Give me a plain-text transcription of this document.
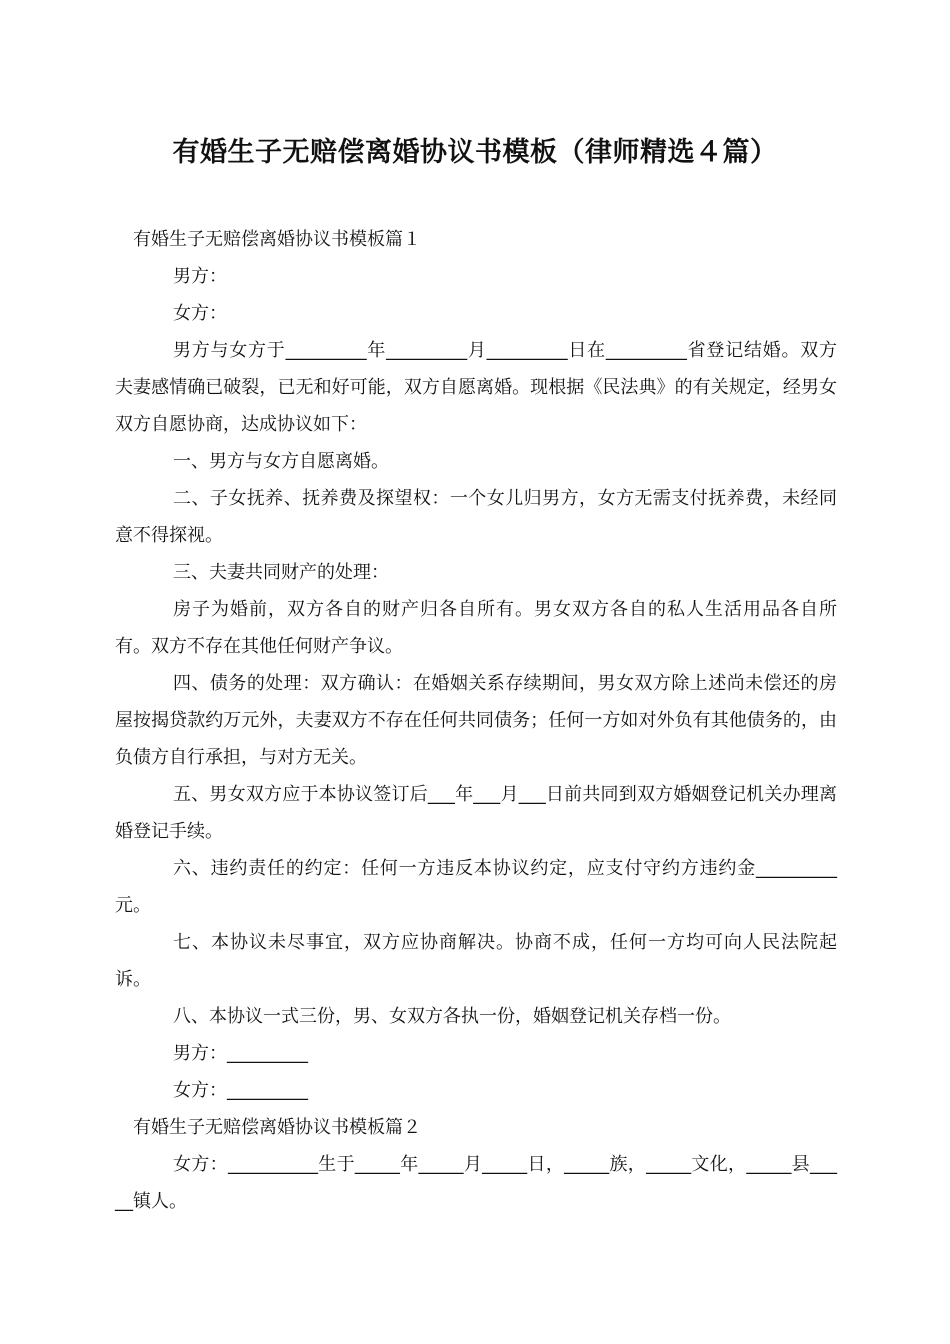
有婚生子无赔偿离婚协议书模板（律师精选４篇）
有婚生子无赔偿离婚协议书模板篇１
男方：
女方：
男方与女方于_________年_________月_________日在_________省登记结婚。双方夫妻感情确已破裂，已无和好可能，双方自愿离婚。现根据《民法典》的有关规定，经男女双方自愿协商，达成协议如下：
一、男方与女方自愿离婚。
二、子女抚养、抚养费及探望权：一个女儿归男方，女方无需支付抚养费，未经同意不得探视。
三、夫妻共同财产的处理：
房子为婚前，双方各自的财产归各自所有。男女双方各自的私人生活用品各自所有。双方不存在其他任何财产争议。
四、债务的处理：双方确认：在婚姻关系存续期间，男女双方除上述尚未偿还的房屋按揭贷款约万元外，夫妻双方不存在任何共同债务；任何一方如对外负有其他债务的，由负债方自行承担，与对方无关。
五、男女双方应于本协议签订后___年___月___日前共同到双方婚姻登记机关办理离婚登记手续。
六、违约责任的约定：任何一方违反本协议约定，应支付守约方违约金_________元。
七、本协议未尽事宜，双方应协商解决。协商不成，任何一方均可向人民法院起诉。
八、本协议一式三份，男、女双方各执一份，婚姻登记机关存档一份。
男方：_________
女方：_________
有婚生子无赔偿离婚协议书模板篇２
女方：__________生于_____年_____月_____日，_____族，_____文化，_____县_____镇人。
